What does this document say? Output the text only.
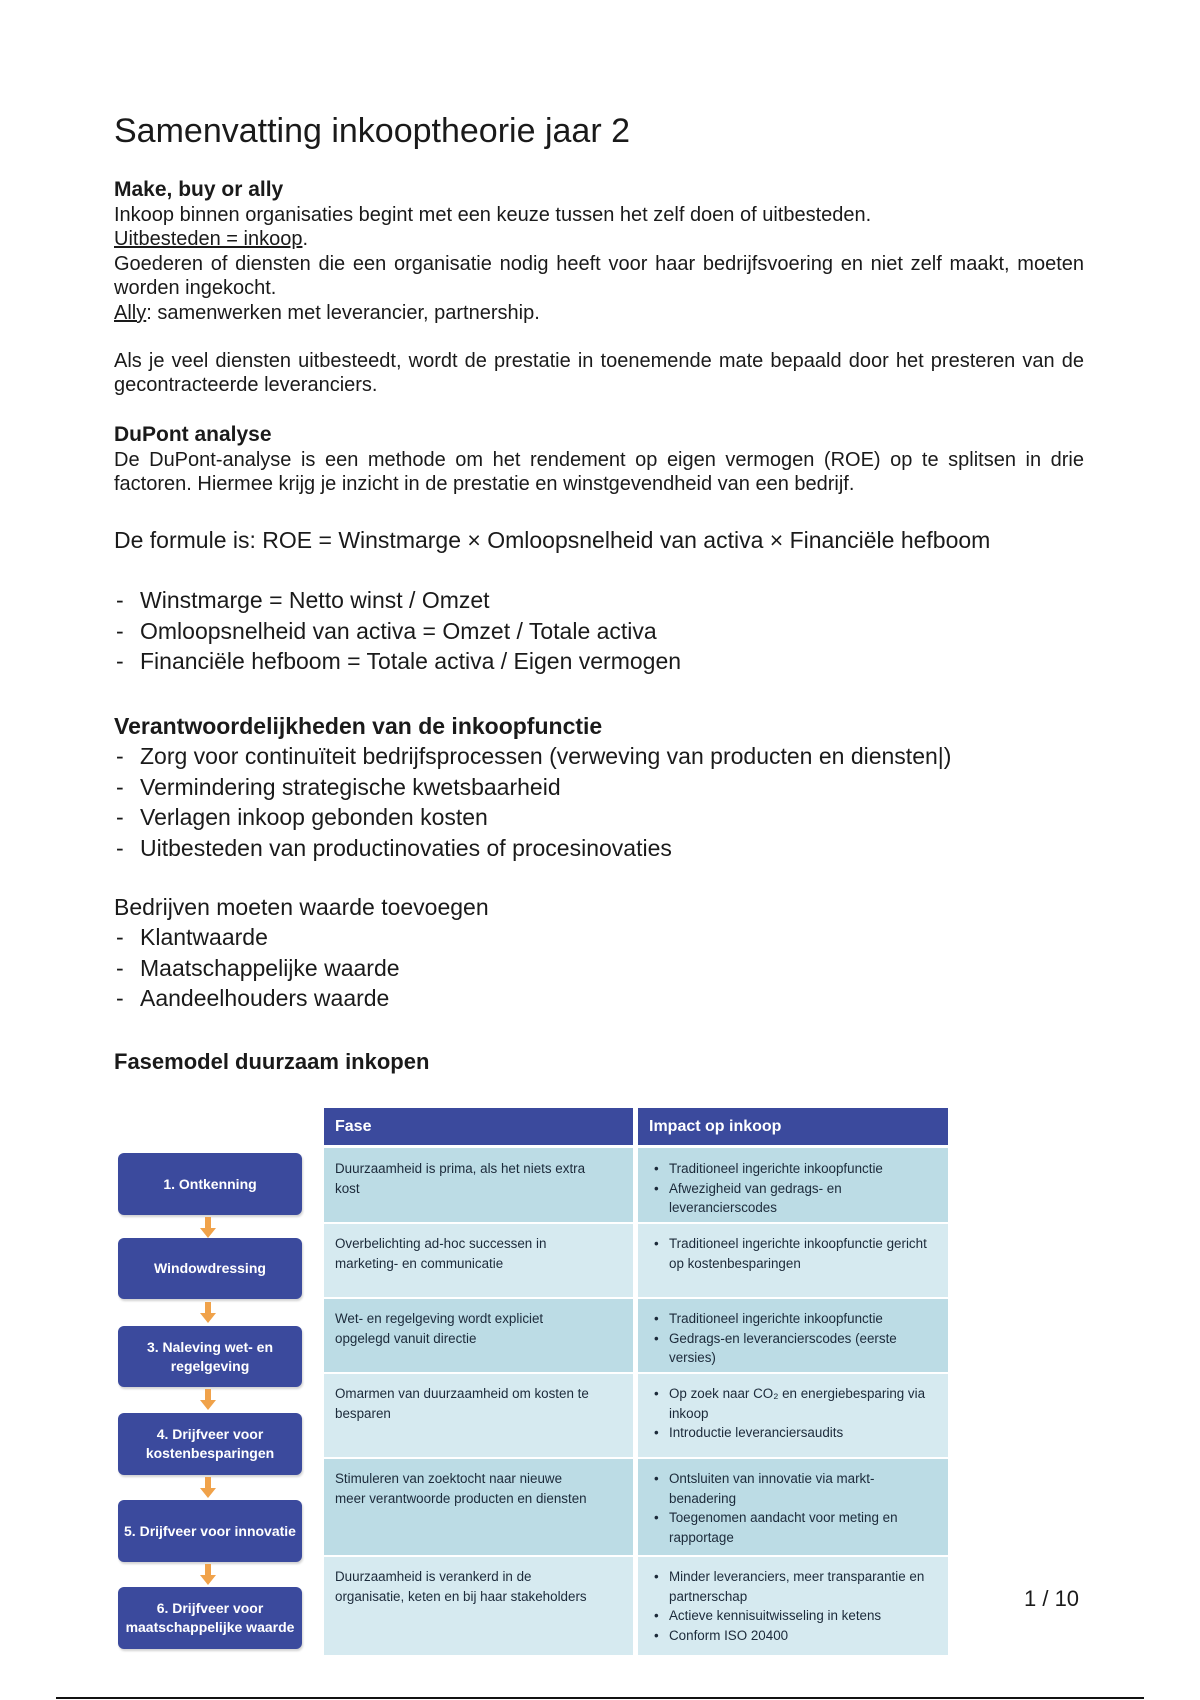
Samenvatting inkooptheorie jaar 2
Make, buy or ally

Inkoop binnen organisaties begint met een keuze tussen het zelf doen of uitbesteden.
Uitbesteden = inkoop.
Goederen of diensten die een organisatie nodig heeft voor haar bedrijfsvoering en niet zelf maakt, moeten worden ingekocht.
Ally: samenwerken met leverancier, partnership.

Als je veel diensten uitbesteedt, wordt de prestatie in toenemende mate bepaald door het presteren van de gecontracteerde leveranciers.

DuPont analyse

De DuPont-analyse is een methode om het rendement op eigen vermogen (ROE) op te splitsen in drie factoren. Hiermee krijg je inzicht in de prestatie en winstgevendheid van een bedrijf.

De formule is: ROE = Winstmarge × Omloopsnelheid van activa × Financiële hefboom

- Winstmarge = Netto winst / Omzet
- Omloopsnelheid van activa = Omzet / Totale activa
- Financiële hefboom = Totale activa / Eigen vermogen
Verantwoordelijkheden van de inkoopfunctie
- Zorg voor continuïteit bedrijfsprocessen (verweving van producten en diensten|)
- Vermindering strategische kwetsbaarheid
- Verlagen inkoop gebonden kosten
- Uitbesteden van productinovaties of procesinovaties

Bedrijven moeten waarde toevoegen

- Klantwaarde
- Maatschappelijke waarde
- Aandeelhouders waarde
Fasemodel duurzaam inkopen
Fase	Impact op inkoop
1. Ontkenning
Windowdressing
3. Naleving wet- en regelgeving
4. Drijfveer voor kostenbesparingen
5. Drijfveer voor innovatie
6. Drijfveer voor maatschappelijke waarde
Duurzaamheid is prima, als het niets extra kost
• Traditioneel ingerichte inkoopfunctie
• Afwezigheid van gedrags- en leverancierscodes
Overbelichting ad-hoc successen in marketing- en communicatie
• Traditioneel ingerichte inkoopfunctie gericht op kostenbesparingen
Wet- en regelgeving wordt expliciet opgelegd vanuit directie
• Traditioneel ingerichte inkoopfunctie
• Gedrags-en leverancierscodes (eerste versies)
Omarmen van duurzaamheid om kosten te besparen
• Op zoek naar CO₂ en energiebesparing via inkoop
• Introductie leveranciersaudits
Stimuleren van zoektocht naar nieuwe meer verantwoorde producten en diensten
• Ontsluiten van innovatie via markt-benadering
• Toegenomen aandacht voor meting en rapportage
Duurzaamheid is verankerd in de organisatie, keten en bij haar stakeholders
• Minder leveranciers, meer transparantie en partnerschap
• Actieve kennisuitwisseling in ketens
• Conform ISO 20400
1 / 10
